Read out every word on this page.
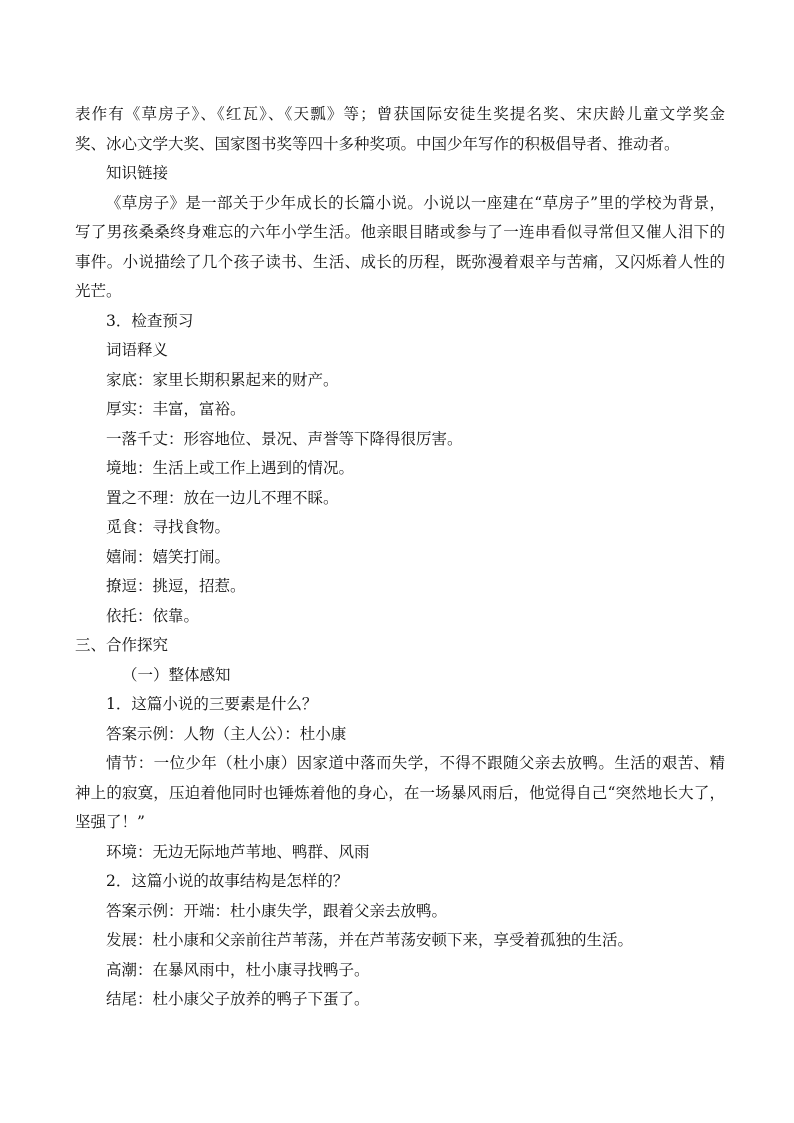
表作有《草房子》、《红瓦》、《天瓢》等；曾获国际安徒生奖提名奖、宋庆龄儿童文学奖金
奖、冰心文学大奖、国家图书奖等四十多种奖项。中国少年写作的积极倡导者、推动者。
知识链接
《草房子》是一部关于少年成长的长篇小说。小说以一座建在“草房子”里的学校为背景，
写了男孩桑桑终身难忘的六年小学生活。他亲眼目睹或参与了一连串看似寻常但又催人泪下的
事件。小说描绘了几个孩子读书、生活、成长的历程，既弥漫着艰辛与苦痛，又闪烁着人性的
光芒。
3．检查预习
词语释义
家底：家里长期积累起来的财产。
厚实：丰富，富裕。
一落千丈：形容地位、景况、声誉等下降得很厉害。
境地：生活上或工作上遇到的情况。
置之不理：放在一边儿不理不睬。
觅食：寻找食物。
嬉闹：嬉笑打闹。
撩逗：挑逗，招惹。
依托：依靠。
三、合作探究
（一）整体感知
1．这篇小说的三要素是什么？
答案示例：人物（主人公）：杜小康
情节：一位少年（杜小康）因家道中落而失学，不得不跟随父亲去放鸭。生活的艰苦、精
神上的寂寞，压迫着他同时也锤炼着他的身心，在一场暴风雨后，他觉得自己“突然地长大了，
坚强了！”
环境：无边无际地芦苇地、鸭群、风雨
2．这篇小说的故事结构是怎样的？
答案示例：开端：杜小康失学，跟着父亲去放鸭。
发展：杜小康和父亲前往芦苇荡，并在芦苇荡安顿下来，享受着孤独的生活。
高潮：在暴风雨中，杜小康寻找鸭子。
结尾：杜小康父子放养的鸭子下蛋了。
